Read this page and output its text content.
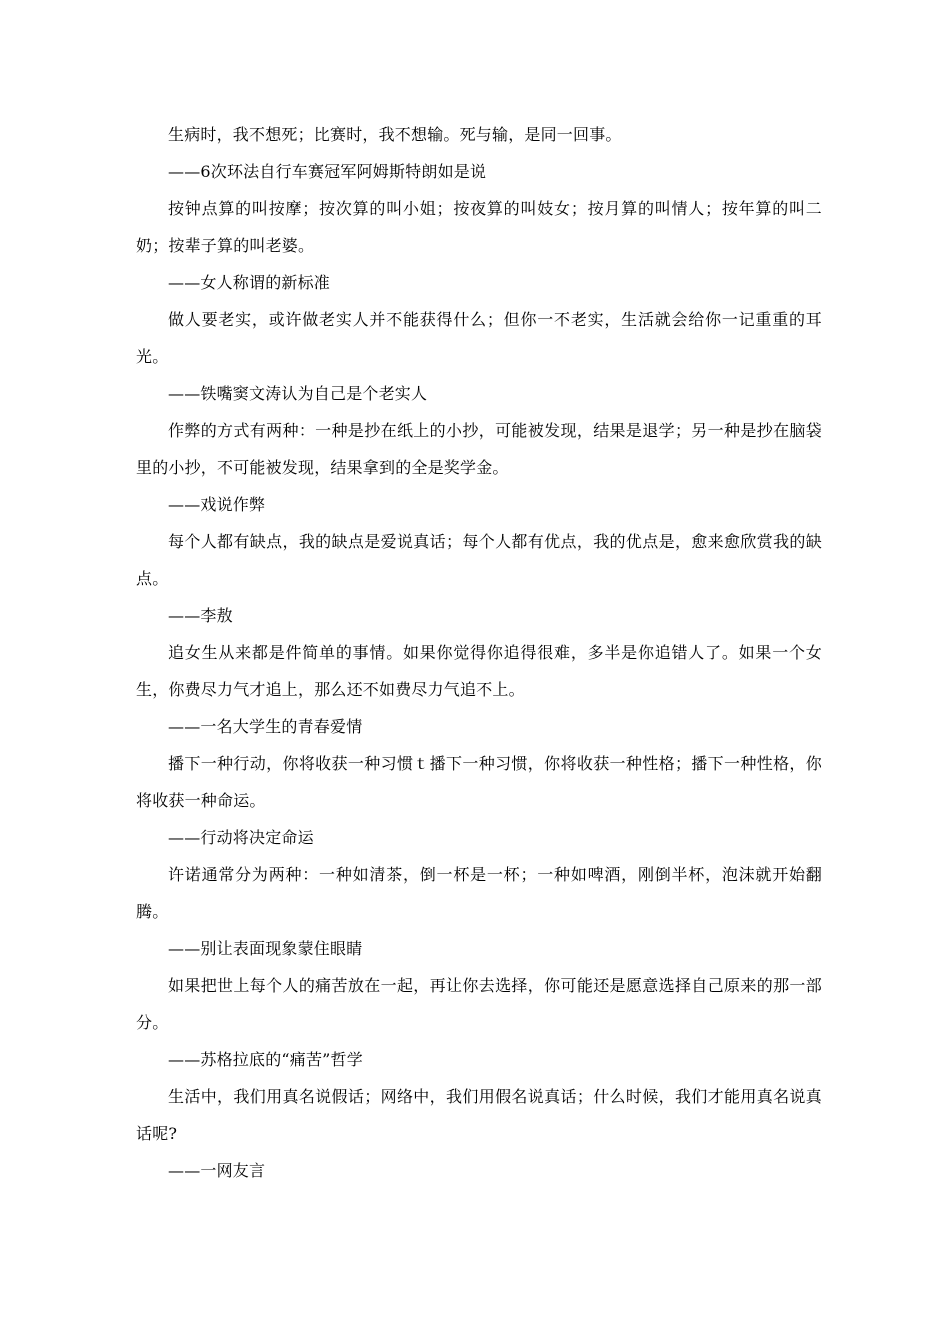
生病时，我不想死；比赛时，我不想输。死与输，是同一回事。

——6次环法自行车赛冠军阿姆斯特朗如是说

按钟点算的叫按摩；按次算的叫小姐；按夜算的叫妓女；按月算的叫情人；按年算的叫二奶；按辈子算的叫老婆。

——女人称谓的新标准

做人要老实，或许做老实人并不能获得什么；但你一不老实，生活就会给你一记重重的耳光。

——铁嘴窦文涛认为自己是个老实人

作弊的方式有两种：一种是抄在纸上的小抄，可能被发现，结果是退学；另一种是抄在脑袋里的小抄，不可能被发现，结果拿到的全是奖学金。

——戏说作弊

每个人都有缺点，我的缺点是爱说真话；每个人都有优点，我的优点是，愈来愈欣赏我的缺点。

——李敖

追女生从来都是件简单的事情。如果你觉得你追得很难，多半是你追错人了。如果一个女生，你费尽力气才追上，那么还不如费尽力气追不上。

——一名大学生的青春爱情

播下一种行动，你将收获一种习惯ｔ播下一种习惯，你将收获一种性格；播下一种性格，你将收获一种命运。

——行动将决定命运

许诺通常分为两种：一种如清茶，倒一杯是一杯；一种如啤酒，刚倒半杯，泡沫就开始翻腾。

——别让表面现象蒙住眼睛

如果把世上每个人的痛苦放在一起，再让你去选择，你可能还是愿意选择自己原来的那一部分。

——苏格拉底的“痛苦”哲学

生活中，我们用真名说假话；网络中，我们用假名说真话；什么时候，我们才能用真名说真话呢?

——一网友言
